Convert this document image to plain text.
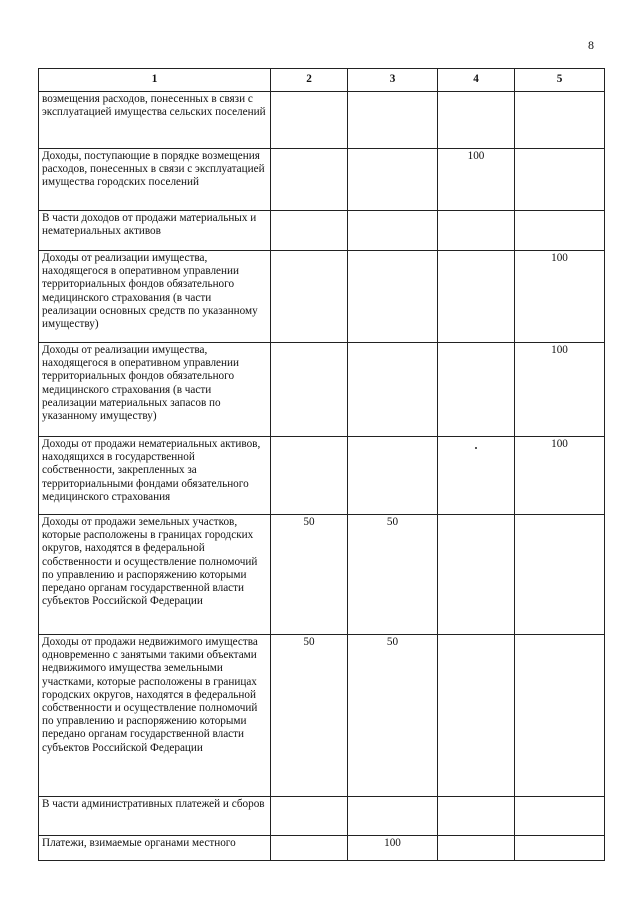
8
1	2	3	4	5
возмещения расходов, понесенных в связи с эксплуатацией имущества сельских поселений				
Доходы, поступающие в порядке возмещения расходов, понесенных в связи с эксплуатацией имущества городских поселений			100	
В части доходов от продажи материальных и нематериальных активов				
Доходы от реализации имущества, находящегося в оперативном управлении территориальных фондов обязательного медицинского страхования (в части реализации основных средств по указанному имуществу)				100
Доходы от реализации имущества, находящегося в оперативном управлении территориальных фондов обязательного медицинского страхования (в части реализации материальных запасов по указанному имуществу)				100
Доходы от продажи нематериальных активов, находящихся в государственной собственности, закрепленных за территориальными фондами обязательного медицинского страхования				100
Доходы от продажи земельных участков, которые расположены в границах городских округов, находятся в федеральной собственности и осуществление полномочий по управлению и распоряжению которыми передано органам государственной власти субъектов Российской Федерации	50	50		
Доходы от продажи недвижимого имущества одновременно с занятыми такими объектами недвижимого имущества земельными участками, которые расположены в границах городских округов, находятся в федеральной собственности и осуществление полномочий по управлению и распоряжению которыми передано органам государственной власти субъектов Российской Федерации	50	50		
В части административных платежей и сборов				
Платежи, взимаемые органами местного		100		
